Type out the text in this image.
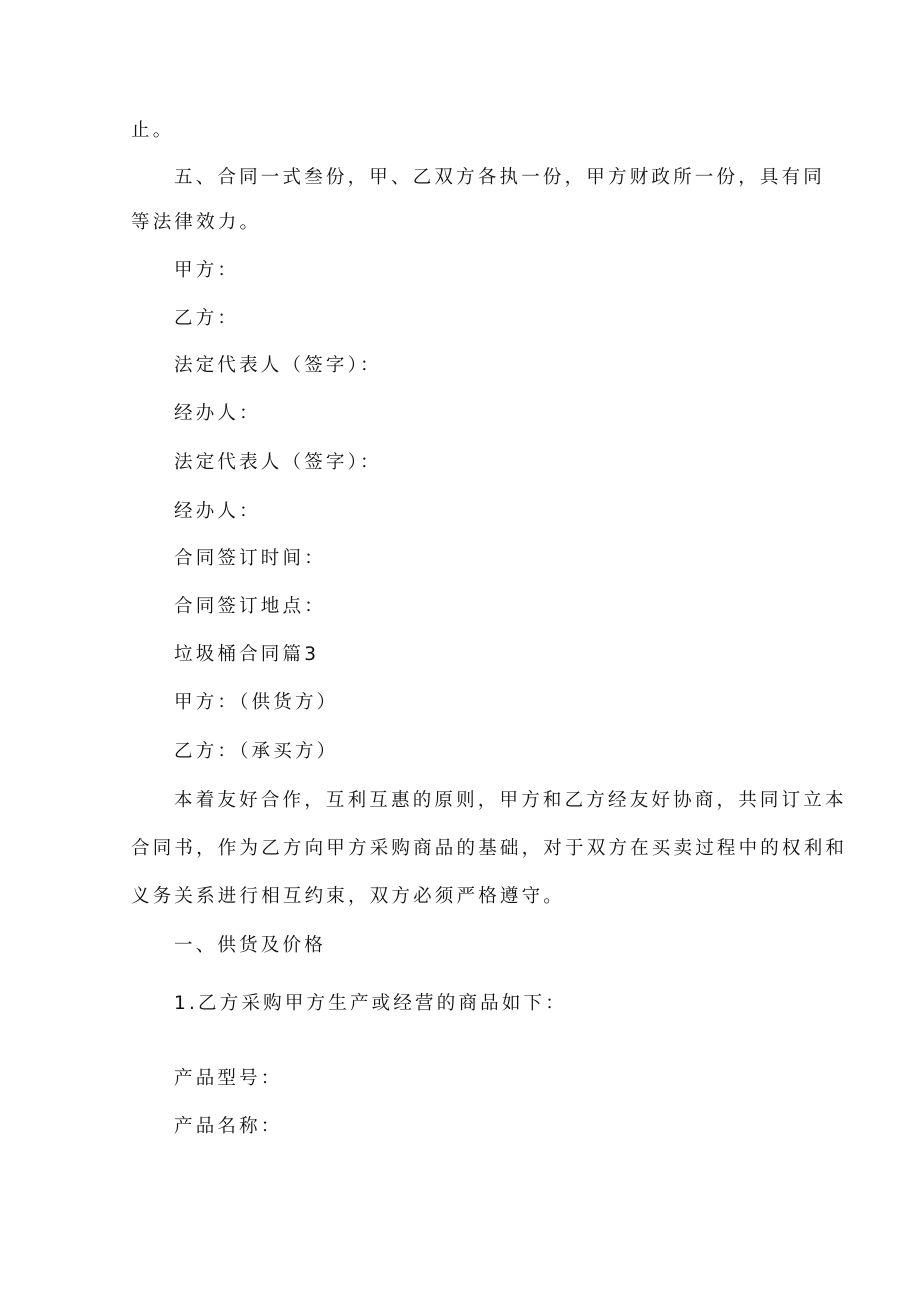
止。
五、合同一式叁份，甲、乙双方各执一份，甲方财政所一份，具有同
等法律效力。
甲方：
乙方：
法定代表人（签字）：
经办人：
法定代表人（签字）：
经办人：
合同签订时间：
合同签订地点：
垃圾桶合同篇3
甲方：（供货方）
乙方：（承买方）
本着友好合作，互利互惠的原则，甲方和乙方经友好协商，共同订立本
合同书，作为乙方向甲方采购商品的基础，对于双方在买卖过程中的权利和
义务关系进行相互约束，双方必须严格遵守。
一、供货及价格
1.乙方采购甲方生产或经营的商品如下：
产品型号：
产品名称：
